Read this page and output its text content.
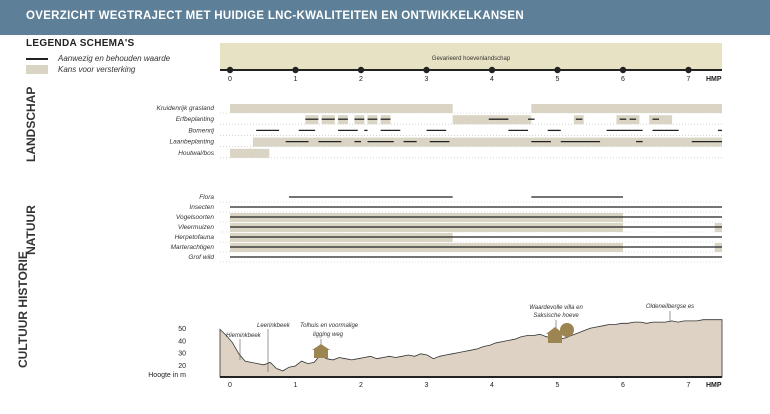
OVERZICHT WEGTRAJECT MET HUIDIGE LNC-KWALITEITEN EN ONTWIKKELKANSEN
LEGENDA SCHEMA'S
Aanwezig en behouden waarde
Kans voor versterking
LANDSCHAP
NATUUR
CULTUUR HISTORIE
Gevarieerd hoevenlandschap
0	1	2	3	4	5	6	7 HMP
Kruidenrijk grasland
Erfbeplanting
Bomenrij
Laanbeplanting
Houtwal/bos
Flora
Insecten
Vogelsoorten
Vleermuizen
Herpetofauna
Marterachtigen
Grof wild
0	1	2	3	4	5	6	7 HMP
50
40
30
20
Hoogte in m
Hieminkbeek
Leerinkbeek Tolhuis en voormalige
ligging weg
Waardevolle villa en
Saksische hoeve
Oldeneilbergse es
